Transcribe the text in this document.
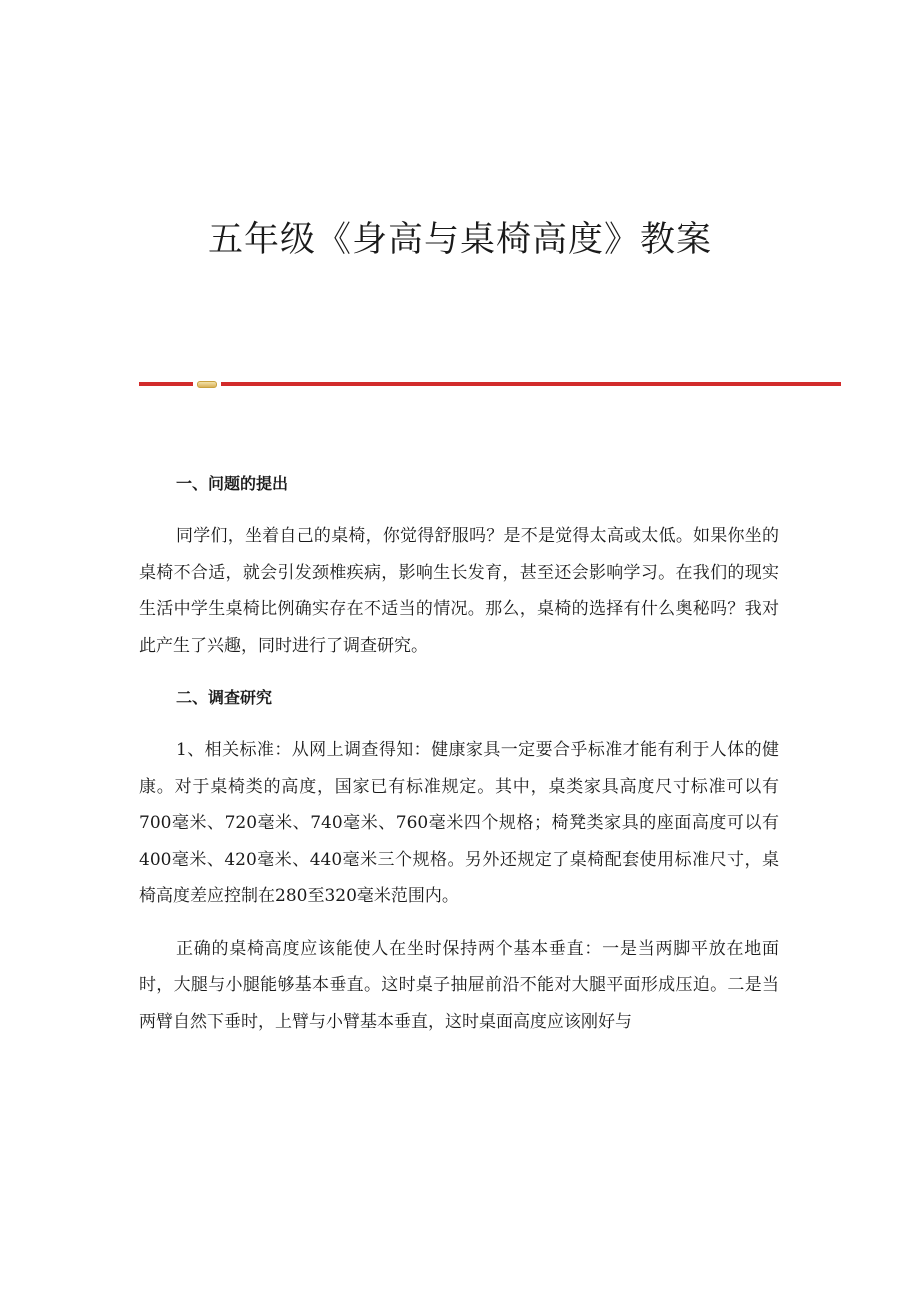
五年级《身高与桌椅高度》教案

一、问题的提出

同学们，坐着自己的桌椅，你觉得舒服吗？是不是觉得太高或太低。如果你坐的桌椅不合适，就会引发颈椎疾病，影响生长发育，甚至还会影响学习。在我们的现实生活中学生桌椅比例确实存在不适当的情况。那么，桌椅的选择有什么奥秘吗？我对此产生了兴趣，同时进行了调查研究。

二、调查研究

1、相关标准：从网上调查得知：健康家具一定要合乎标准才能有利于人体的健康。对于桌椅类的高度，国家已有标准规定。其中，桌类家具高度尺寸标准可以有700毫米、720毫米、740毫米、760毫米四个规格；椅凳类家具的座面高度可以有400毫米、420毫米、440毫米三个规格。另外还规定了桌椅配套使用标准尺寸，桌椅高度差应控制在280至320毫米范围内。

正确的桌椅高度应该能使人在坐时保持两个基本垂直：一是当两脚平放在地面时，大腿与小腿能够基本垂直。这时桌子抽屉前沿不能对大腿平面形成压迫。二是当两臂自然下垂时，上臂与小臂基本垂直，这时桌面高度应该刚好与
